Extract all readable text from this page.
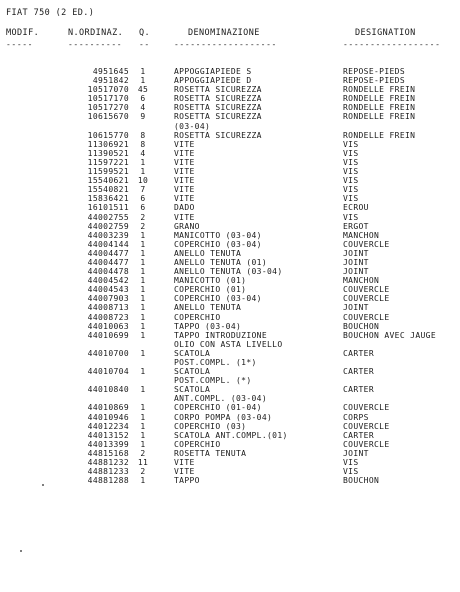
FIAT 750 (2 ED.)
MODIF.	N.ORDINAZ. Q.	DENOMINAZIONE	DESIGNATION
-----	---------- --	-------------------	------------------
4951645	1	APPOGGIAPIEDE S	REPOSE-PIEDS
4951842	1	APPOGGIAPIEDE D	REPOSE-PIEDS
10517070	45	ROSETTA SICUREZZA	RONDELLE FREIN
10517170	6	ROSETTA SICUREZZA	RONDELLE FREIN
10517270	4	ROSETTA SICUREZZA	RONDELLE FREIN
10615670	9	ROSETTA SICUREZZA	RONDELLE FREIN
(03-04)
10615770	8	ROSETTA SICUREZZA	RONDELLE FREIN
11306921	8	VITE	VIS
11390521	4	VITE	VIS
11597221	1	VITE	VIS
11599521	1	VITE	VIS
15540621	10	VITE	VIS
15540821	7	VITE	VIS
15836421	6	VITE	VIS
16101511	6	DADO	ECROU
44002755	2	VITE	VIS
44002759	2	GRANO	ERGOT
44003239	1	MANICOTTO (03-04)	MANCHON
44004144	1	COPERCHIO (03-04)	COUVERCLE
44004477	1	ANELLO TENUTA	JOINT
44004477	1	ANELLO TENUTA (01)	JOINT
44004478	1	ANELLO TENUTA (03-04)	JOINT
44004542	1	MANICOTTO (01)	MANCHON
44004543	1	COPERCHIO (01)	COUVERCLE
44007903	1	COPERCHIO (03-04)	COUVERCLE
44008713	1	ANELLO TENUTA	JOINT
44008723	1	COPERCHIO	COUVERCLE
44010063	1	TAPPO (03-04)	BOUCHON
44010699	1	TAPPO INTRODUZIONE	BOUCHON AVEC JAUGE
OLIO CON ASTA LIVELLO
44010700	1	SCATOLA	CARTER
POST.COMPL. (1*)
44010704	1	SCATOLA	CARTER
POST.COMPL. (*)
44010840	1	SCATOLA	CARTER
ANT.COMPL. (03-04)
44010869	1	COPERCHIO (01-04)	COUVERCLE
44010946	1	CORPO POMPA (03-04)	CORPS
44012234	1	COPERCHIO (03)	COUVERCLE
44013152	1	SCATOLA ANT.COMPL.(01)	CARTER
44013399	1	COPERCHIO	COUVERCLE
44815168	2	ROSETTA TENUTA	JOINT
44881232	11	VITE	VIS
44881233	2	VITE	VIS
44881288	1	TAPPO	BOUCHON
